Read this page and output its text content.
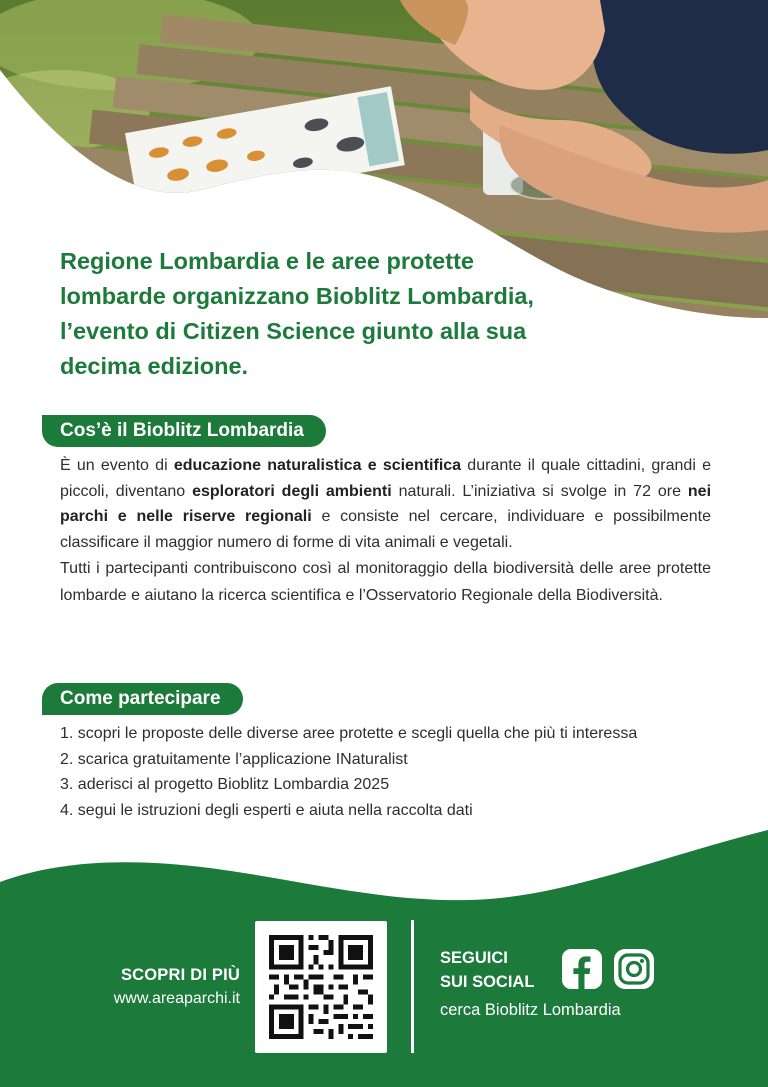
Regione Lombardia e le aree protette lombarde organizzano Bioblitz Lombardia, l’evento di Citizen Science giunto alla sua decima edizione.
Cos’è il Bioblitz Lombardia

È un evento di educazione naturalistica e scientifica durante il quale cittadini, grandi e piccoli, diventano esploratori degli ambienti naturali. L’iniziativa si svolge in 72 ore nei parchi e nelle riserve regionali e consiste nel cercare, individuare e possibilmente classificare il maggior numero di forme di vita animali e vegetali.

Tutti i partecipanti contribuiscono così al monitoraggio della biodiversità delle aree protette lombarde e aiutano la ricerca scientifica e l’Osservatorio Regionale della Biodiversità.

Come partecipare
1. scopri le proposte delle diverse aree protette e scegli quella che più ti interessa
2. scarica gratuitamente l’applicazione INaturalist
3. aderisci al progetto Bioblitz Lombardia 2025
4. segui le istruzioni degli esperti e aiuta nella raccolta dati
SCOPRI DI PIÙ
www.areaparchi.it
SEGUICI
SUI SOCIAL
cerca Bioblitz Lombardia
